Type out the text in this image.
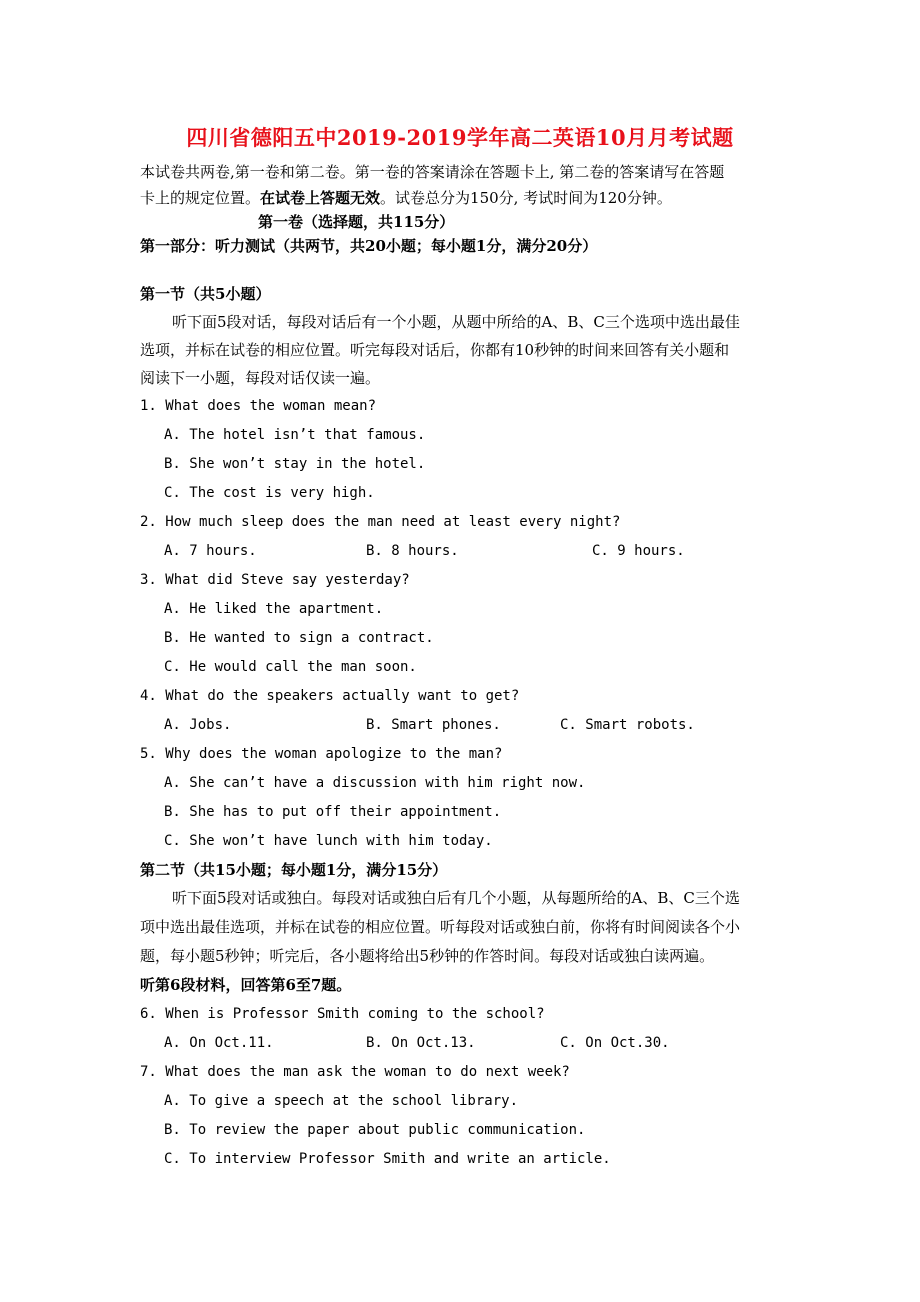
四川省德阳五中2019-2019学年高二英语10月月考试题
本试卷共两卷,第一卷和第二卷。第一卷的答案请涂在答题卡上, 第二卷的答案请写在答题
卡上的规定位置。在试卷上答题无效。试卷总分为150分, 考试时间为120分钟。
第一卷（选择题，共115分）
第一部分：听力测试（共两节，共20小题；每小题1分，满分20分）
第一节（共5小题）
听下面5段对话，每段对话后有一个小题，从题中所给的A、B、C三个选项中选出最佳
选项，并标在试卷的相应位置。听完每段对话后，你都有10秒钟的时间来回答有关小题和
阅读下一小题，每段对话仅读一遍。
1. What does the woman mean?
A. The hotel isn’t that famous.
B. She won’t stay in the hotel.
C. The cost is very high.
2. How much sleep does the man need at least every night?
A. 7 hours.	B. 8 hours.	C. 9 hours.
3. What did Steve say yesterday?
A. He liked the apartment.
B. He wanted to sign a contract.
C. He would call the man soon.
4. What do the speakers actually want to get?
A. Jobs.	B. Smart phones.	C. Smart robots.
5. Why does the woman apologize to the man?
A. She can’t have a discussion with him right now.
B. She has to put off their appointment.
C. She won’t have lunch with him today.
第二节（共15小题；每小题1分，满分15分）
听下面5段对话或独白。每段对话或独白后有几个小题，从每题所给的A、B、C三个选
项中选出最佳选项，并标在试卷的相应位置。听每段对话或独白前，你将有时间阅读各个小
题，每小题5秒钟；听完后，各小题将给出5秒钟的作答时间。每段对话或独白读两遍。
听第6段材料，回答第6至7题。
6. When is Professor Smith coming to the school?
A. On Oct.11.	B. On Oct.13.	C. On Oct.30.
7. What does the man ask the woman to do next week?
A. To give a speech at the school library.
B. To review the paper about public communication.
C. To interview Professor Smith and write an article.
